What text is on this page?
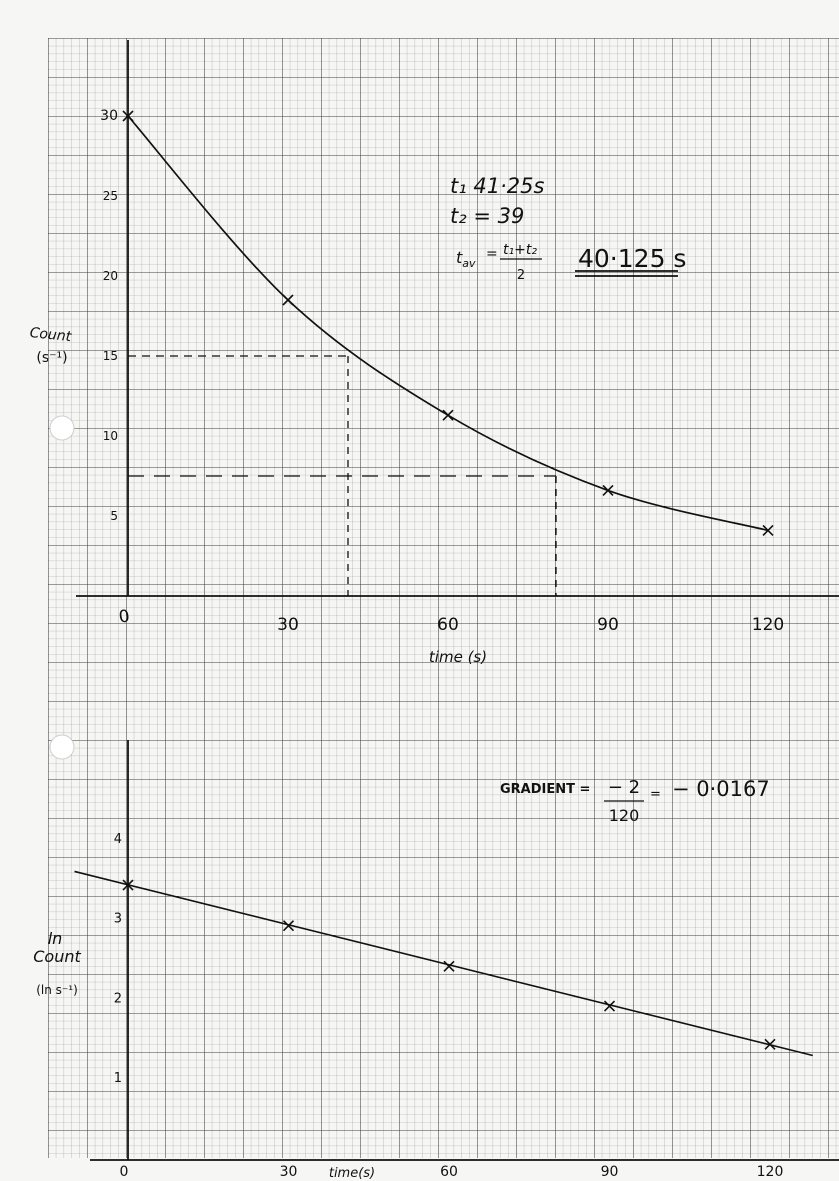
0	30	60	90	120
5
10
15
20
25
30
time (s)
Count
(s⁻¹)
t₁ 41·25s
t₂ = 39
$t_{av}$
= t₁+t₂
2
40·125 s
0	30	60	90	120
1
2
3
4
time(s)
ln
Count
(ln s⁻¹)
GRADIENT = − 2
120
= − 0·0167
